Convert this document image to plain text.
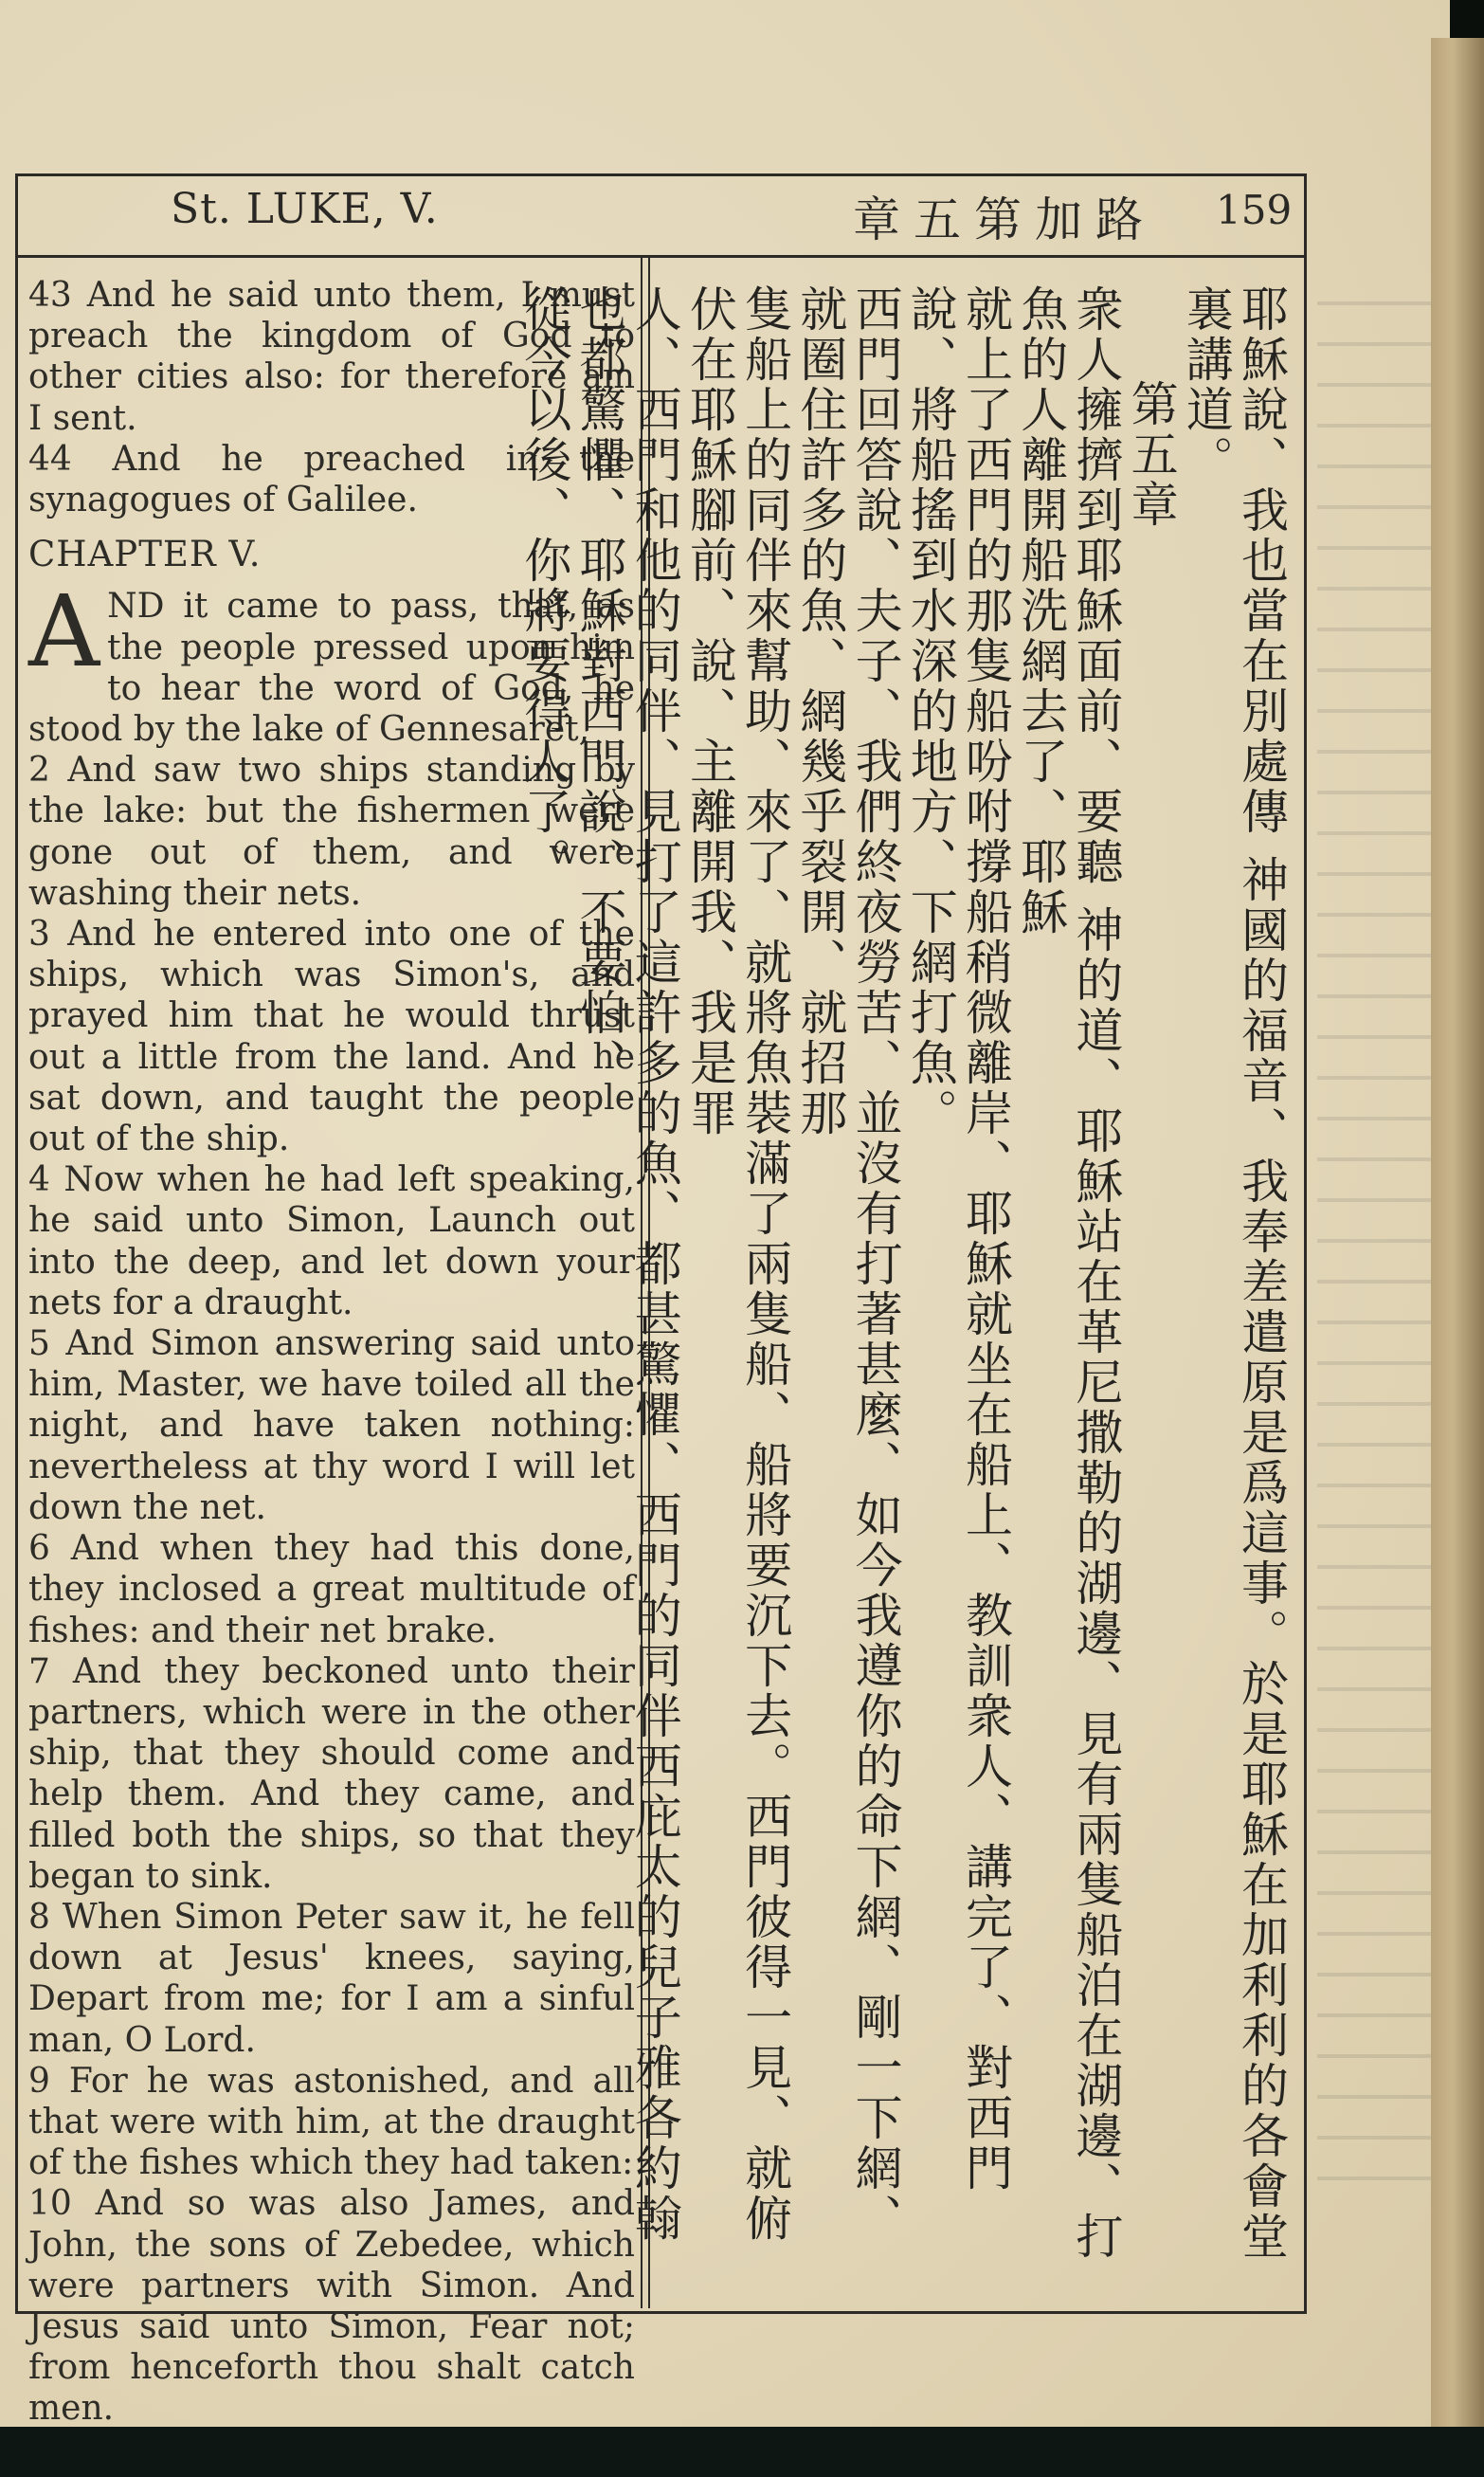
St. LUKE, V.	章五第加路 159

43 And he said unto them, I must preach the kingdom of God to other cities also: for therefore am I sent.

44 And he preached in the synagogues of Galilee.

CHAPTER V.

AND it came to pass, that, as the people pressed upon him to hear the word of God, he stood by the lake of Gennesaret,

2 And saw two ships standing by the lake: but the fishermen were gone out of them, and were washing their nets.

3 And he entered into one of the ships, which was Simon's, and prayed him that he would thrust out a little from the land. And he sat down, and taught the people out of the ship.

4 Now when he had left speaking, he said unto Simon, Launch out into the deep, and let down your nets for a draught.

5 And Simon answering said unto him, Master, we have toiled all the night, and have taken nothing: nevertheless at thy word I will let down the net.

6 And when they had this done, they inclosed a great multitude of fishes: and their net brake.

7 And they beckoned unto their partners, which were in the other ship, that they should come and help them. And they came, and filled both the ships, so that they began to sink.

8 When Simon Peter saw it, he fell down at Jesus' knees, saying, Depart from me; for I am a sinful man, O Lord.

9 For he was astonished, and all that were with him, at the draught of the fishes which they had taken:

10 And so was also James, and John, the sons of Zebedee, which were partners with Simon. And Jesus said unto Simon, Fear not; from henceforth thou shalt catch men.

耶穌說、我也當在別處傳 神國的福音、我奉差遣原是爲這事。於是耶穌在加利利的各會堂裏講道。

第五章

衆人擁擠到耶穌面前、要聽 神的道、耶穌站在革尼撒勒的湖邊、見有兩隻船泊在湖邊、打魚的人離開船洗網去了、耶穌

就上了西門的那隻船吩咐撐船稍微離岸、耶穌就坐在船上、教訓衆人、講完了、對西門說、將船搖到水深的地方、下網打魚。

西門回答說、夫子、我們終夜勞苦、並沒有打著甚麼、如今我遵你的命下網、剛一下網、就圈住許多的魚、網幾乎裂開、就招那

隻船上的同伴來幫助、來了、就將魚裝滿了兩隻船、船將要沉下去。西門彼得一見、就俯伏在耶穌腳前、說、主離開我、我是罪

人、西門和他的同伴、見打了這許多的魚、都甚驚懼、西門的同伴西庇太的兒子雅各約翰也都驚懼、耶穌對西門說、不要怕、

從今以後、你將要得人了。
